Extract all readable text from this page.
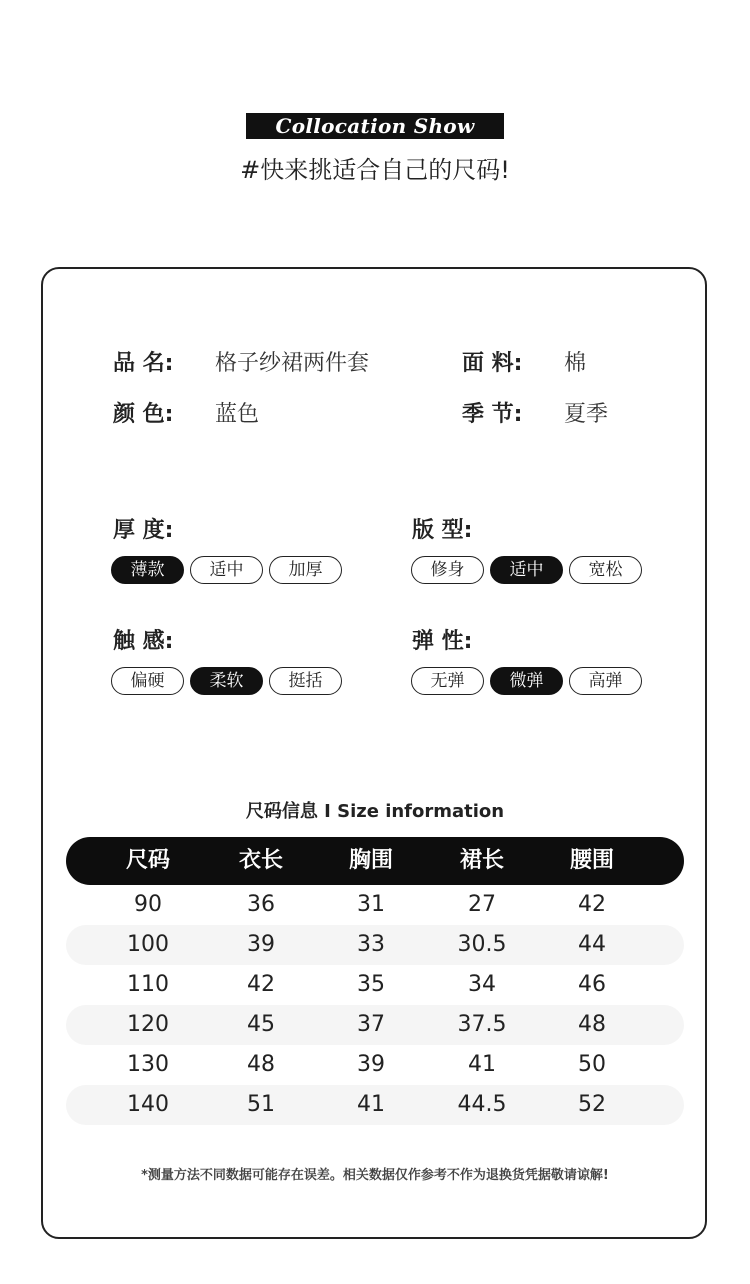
Collocation Show
#快来挑适合自己的尺码!
品 名: 格子纱裙两件套
颜 色: 蓝色
面 料: 棉
季 节: 夏季
厚 度:
薄款	适中	加厚
版 型:
修身	适中	宽松
触 感:
偏硬	柔软	挺括
弹 性:
无弹	微弹	高弹
尺码信息 I Size information
尺码	衣长	胸围	裙长	腰围
90	36	31	27	42
100	39	33	30.5	44
110	42	35	34	46
120	45	37	37.5	48
130	48	39	41	50
140	51	41	44.5	52
*测量方法不同数据可能存在误差。相关数据仅作参考不作为退换货凭据敬请谅解!
